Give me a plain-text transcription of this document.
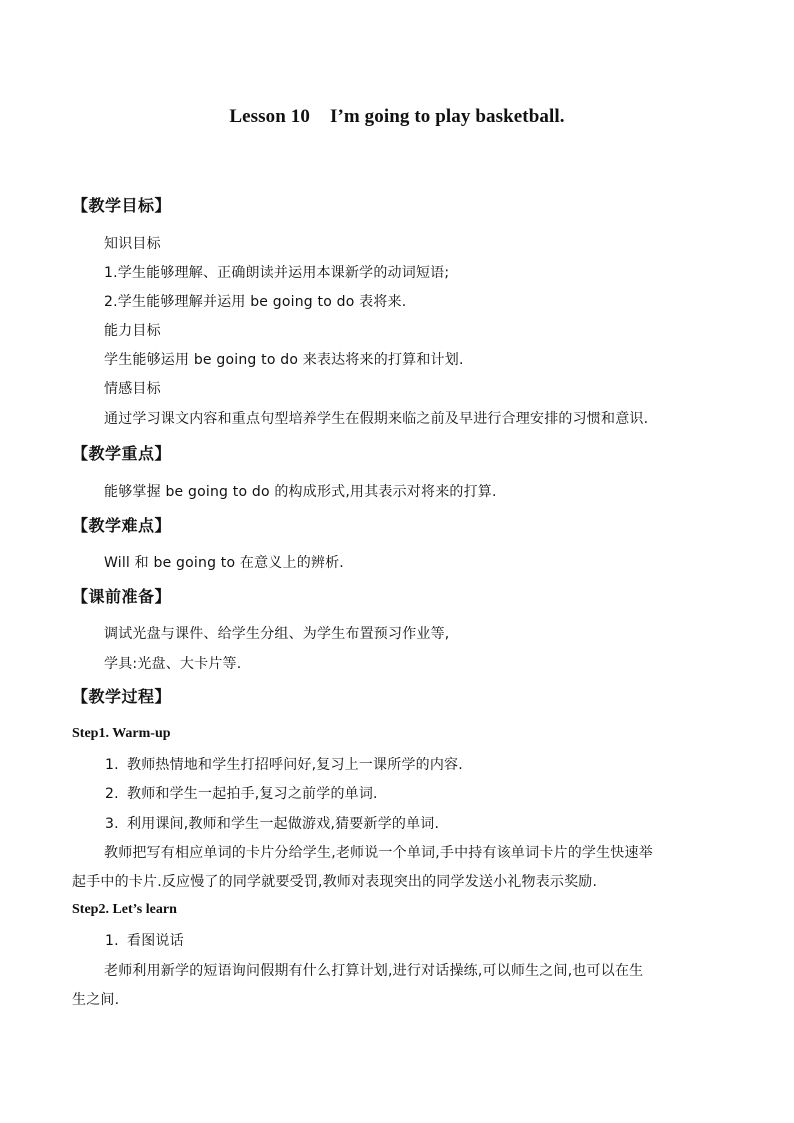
Lesson 10 I’m going to play basketball.
【教学目标】
知识目标
1.学生能够理解、正确朗读并运用本课新学的动词短语;
2.学生能够理解并运用 be going to do 表将来.
能力目标
学生能够运用 be going to do 来表达将来的打算和计划.
情感目标
通过学习课文内容和重点句型培养学生在假期来临之前及早进行合理安排的习惯和意识.
【教学重点】
能够掌握 be going to do 的构成形式,用其表示对将来的打算.
【教学难点】
Will 和 be going to 在意义上的辨析.
【课前准备】
调试光盘与课件、给学生分组、为学生布置预习作业等,
学具:光盘、大卡片等.
【教学过程】
Step1. Warm-up
1. 教师热情地和学生打招呼问好,复习上一课所学的内容.
2. 教师和学生一起拍手,复习之前学的单词.
3. 利用课间,教师和学生一起做游戏,猜要新学的单词.
教师把写有相应单词的卡片分给学生,老师说一个单词,手中持有该单词卡片的学生快速举
起手中的卡片.反应慢了的同学就要受罚,教师对表现突出的同学发送小礼物表示奖励.
Step2. Let’s learn
1. 看图说话
老师利用新学的短语询问假期有什么打算计划,进行对话操练,可以师生之间,也可以在生
生之间.
